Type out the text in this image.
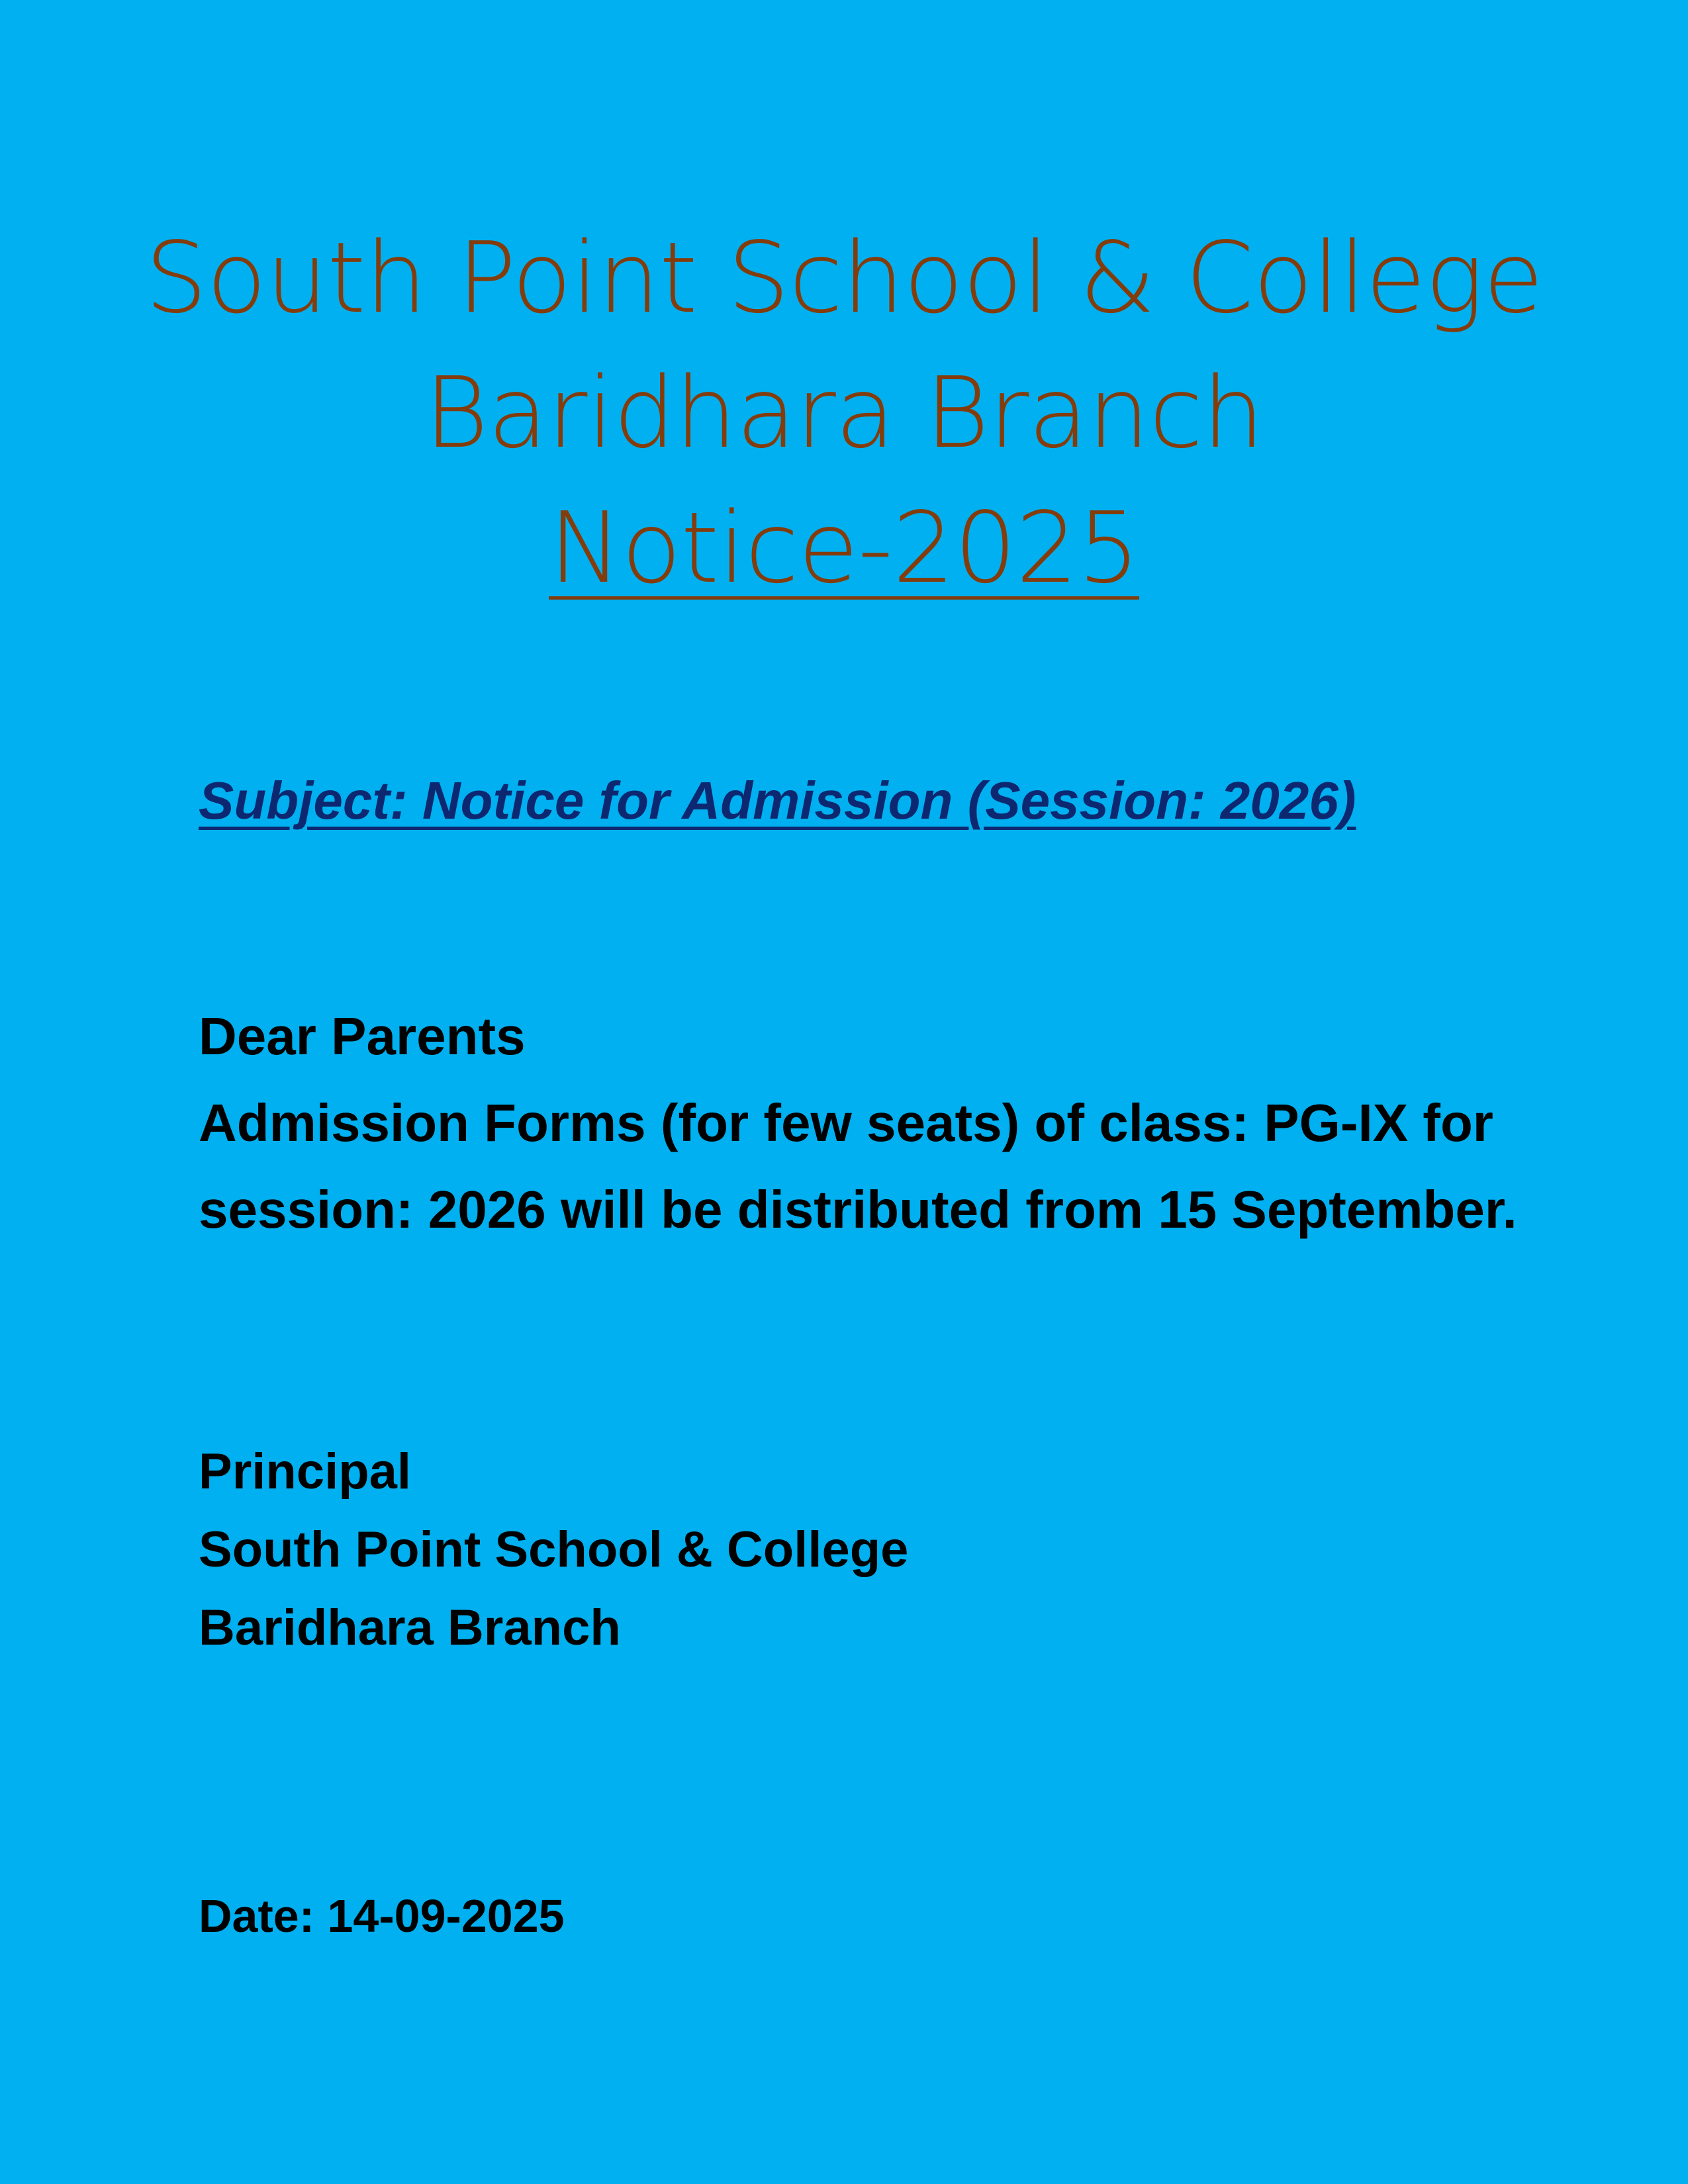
South Point School & College
Baridhara Branch
Notice-2025
Subject: Notice for Admission (Session: 2026)
Dear Parents
Admission Forms (for few seats) of class: PG-IX for session: 2026 will be distributed from 15 September.
Principal
South Point School & College
Baridhara Branch
Date: 14-09-2025
